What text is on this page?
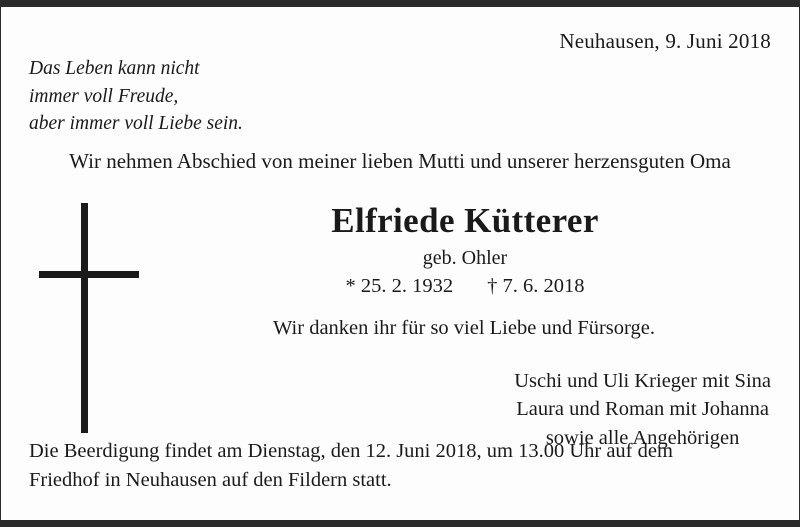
Neuhausen, 9. Juni 2018
Das Leben kann nicht
immer voll Freude,
aber immer voll Liebe sein.
Wir nehmen Abschied von meiner lieben Mutti und unserer herzensguten Oma
Elfriede Kütterer
geb. Ohler
* 25. 2. 1932 † 7. 6. 2018
Wir danken ihr für so viel Liebe und Fürsorge.
Uschi und Uli Krieger mit Sina
Laura und Roman mit Johanna
sowie alle Angehörigen
Die Beerdigung findet am Dienstag, den 12. Juni 2018, um 13.00 Uhr auf dem
Friedhof in Neuhausen auf den Fildern statt.
